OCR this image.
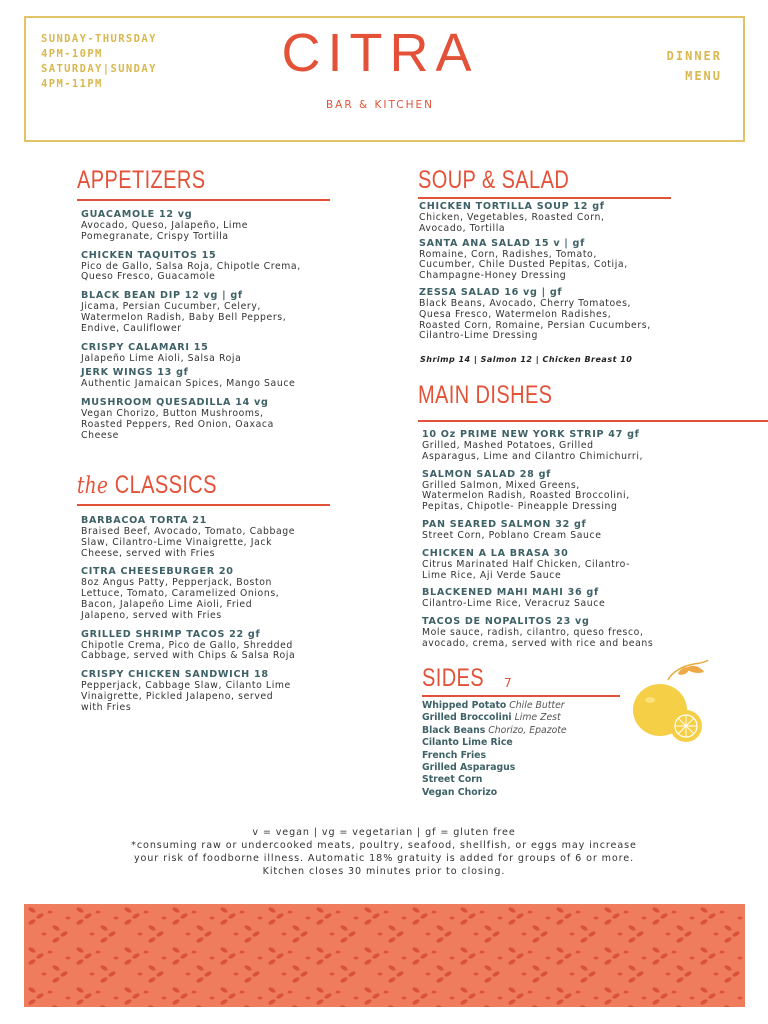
SUNDAY-THURSDAY
4PM-10PM
SATURDAY|SUNDAY
4PM-11PM
CITRA
BAR & KITCHEN
DINNER
MENU
APPETIZERS
GUACAMOLE 12 vg
Avocado, Queso, Jalapeño, Lime
Pomegranate, Crispy Tortilla
CHICKEN TAQUITOS 15
Pico de Gallo, Salsa Roja, Chipotle Crema,
Queso Fresco, Guacamole
BLACK BEAN DIP 12 vg | gf
Jicama, Persian Cucumber, Celery,
Watermelon Radish, Baby Bell Peppers,
Endive, Cauliflower
CRISPY CALAMARI 15
Jalapeño Lime Aioli, Salsa Roja
JERK WINGS 13 gf
Authentic Jamaican Spices, Mango Sauce
MUSHROOM QUESADILLA 14 vg
Vegan Chorizo, Button Mushrooms,
Roasted Peppers, Red Onion, Oaxaca
Cheese
the CLASSICS
BARBACOA TORTA 21
Braised Beef, Avocado, Tomato, Cabbage
Slaw, Cilantro-Lime Vinaigrette, Jack
Cheese, served with Fries
CITRA CHEESEBURGER 20
8oz Angus Patty, Pepperjack, Boston
Lettuce, Tomato, Caramelized Onions,
Bacon, Jalapeño Lime Aioli, Fried
Jalapeno, served with Fries
GRILLED SHRIMP TACOS 22 gf
Chipotle Crema, Pico de Gallo, Shredded
Cabbage, served with Chips & Salsa Roja
CRISPY CHICKEN SANDWICH 18
Pepperjack, Cabbage Slaw, Cilanto Lime
Vinaigrette, Pickled Jalapeno, served
with Fries
SOUP & SALAD
CHICKEN TORTILLA SOUP 12 gf
Chicken, Vegetables, Roasted Corn,
Avocado, Tortilla
SANTA ANA SALAD 15 v | gf
Romaine, Corn, Radishes, Tomato,
Cucumber, Chile Dusted Pepitas, Cotija,
Champagne-Honey Dressing
ZESSA SALAD 16 vg | gf
Black Beans, Avocado, Cherry Tomatoes,
Quesa Fresco, Watermelon Radishes,
Roasted Corn, Romaine, Persian Cucumbers,
Cilantro-Lime Dressing
Shrimp 14 | Salmon 12 | Chicken Breast 10
MAIN DISHES
10 Oz PRIME NEW YORK STRIP 47 gf
Grilled, Mashed Potatoes, Grilled
Asparagus, Lime and Cilantro Chimichurri,
SALMON SALAD 28 gf
Grilled Salmon, Mixed Greens,
Watermelon Radish, Roasted Broccolini,
Pepitas, Chipotle- Pineapple Dressing
PAN SEARED SALMON 32 gf
Street Corn, Poblano Cream Sauce
CHICKEN A LA BRASA 30
Citrus Marinated Half Chicken, Cilantro-
Lime Rice, Aji Verde Sauce
BLACKENED MAHI MAHI 36 gf
Cilantro-Lime Rice, Veracruz Sauce
TACOS DE NOPALITOS 23 vg
Mole sauce, radish, cilantro, queso fresco,
avocado, crema, served with rice and beans
SIDES 7
Whipped Potato Chile Butter
Grilled Broccolini Lime Zest
Black Beans Chorizo, Epazote
Cilanto Lime Rice
French Fries
Grilled Asparagus
Street Corn
Vegan Chorizo
v = vegan | vg = vegetarian | gf = gluten free
*consuming raw or undercooked meats, poultry, seafood, shellfish, or eggs may increase
your risk of foodborne illness. Automatic 18% gratuity is added for groups of 6 or more.
Kitchen closes 30 minutes prior to closing.
